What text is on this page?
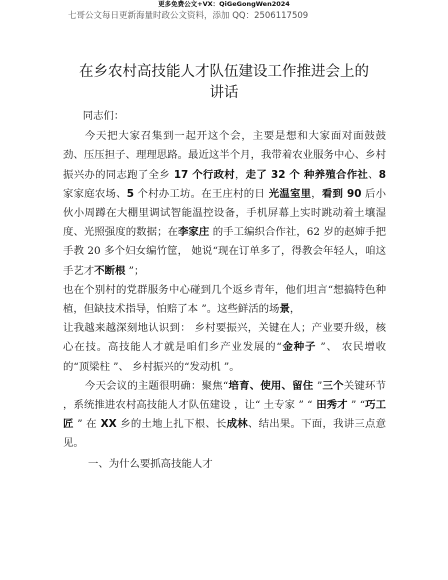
更多免费公文+VX：QiGeGongWen2024
七哥公文每日更新海量时政公文资料，添加 QQ：2506117509
在乡农村高技能人才队伍建设工作推进会上的
讲话

同志们：

今天把大家召集到一起开这个会，主要是想和大家面对面鼓鼓劲、压压担子、理理思路。最近这半个月，我带着农业服务中心、乡村振兴办的同志跑了全乡 17 个行政村，走了 32 个 种养殖合作社、8 家家庭农场、5 个村办工坊。在王庄村的日 光温室里，看到 90 后小伙小周蹲在大棚里调试智能温控设备，手机屏幕上实时跳动着土壤湿度、光照强度的数据；在李家庄 的手工编织合作社，62 岁的赵婶手把手教 20 多个妇女编竹筐， 她说“现在订单多了，得教会年轻人，咱这手艺才不断根 ”；

也在个别村的党群服务中心碰到几个返乡青年，他们坦言“想搞特色种植，但缺技术指导，怕赔了本 ”。这些鲜活的场景，

让我越来越深刻地认识到： 乡村要振兴，关键在人；产业要升级，核心在技。高技能人才就是咱们乡产业发展的“金种子 ”、 农民增收的“顶梁柱 ”、 乡村振兴的“发动机 ”。

今天会议的主题很明确：聚焦“培育、使用、留住 ”三个关键环节 ，系统推进农村高技能人才队伍建设 ，让“ 土专家 ” “ 田秀才 ” “巧工匠 ” 在 XX 乡的土地上扎下根、长成林、结出果。下面，我讲三点意见。

一、为什么要抓高技能人才
